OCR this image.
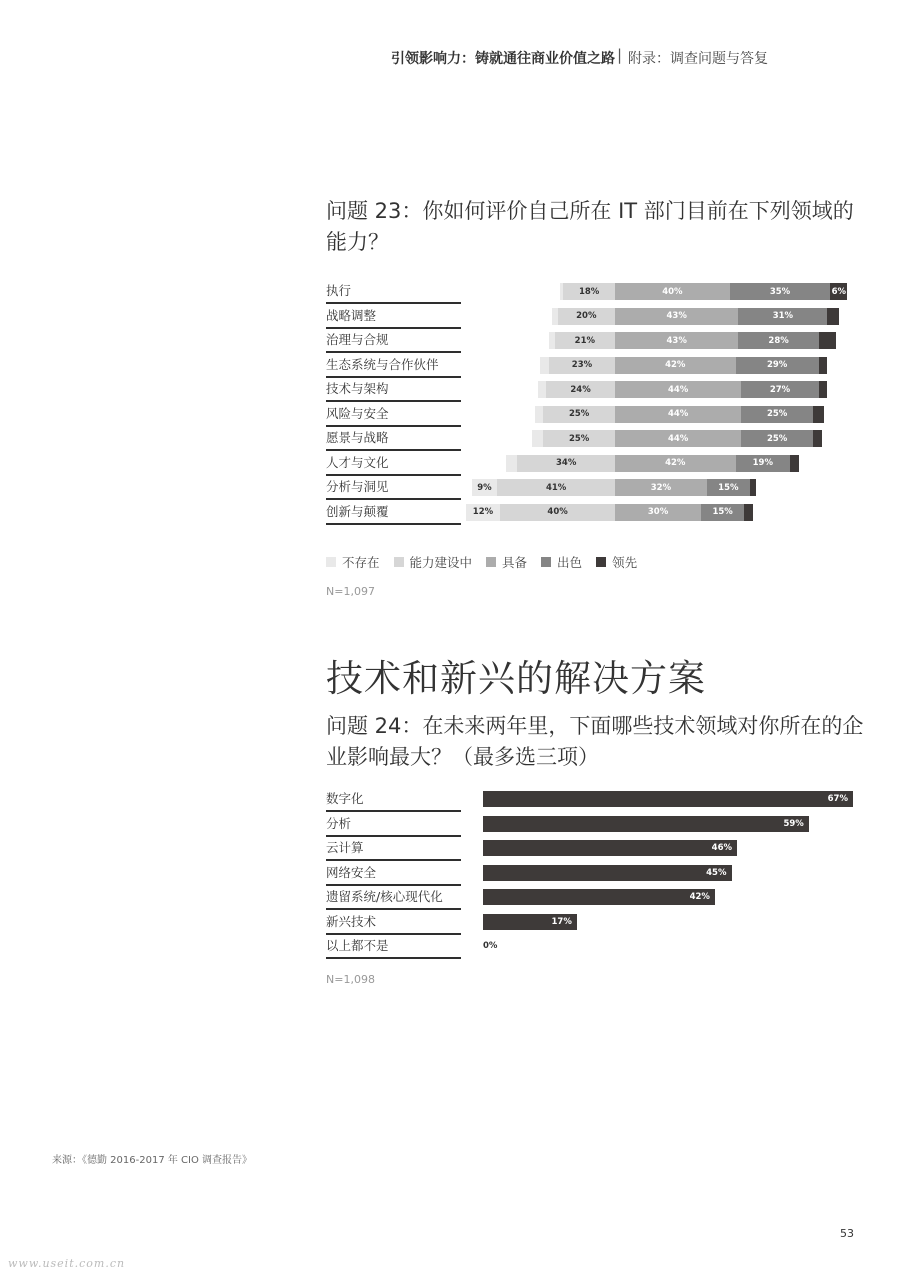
引领影响力：铸就通往商业价值之路 | 附录：调查问题与答复
问题 23：你如何评价自己所在 IT 部门目前在下列领域的能力？
执行	18%	40%	35%	6%
战略调整	20%	43%	31%
治理与合规	21%	43%	28%
生态系统与合作伙伴	23%	42%	29%
技术与架构	24%	44%	27%
风险与安全	25%	44%	25%
愿景与战略	25%	44%	25%
人才与文化	34%	42%	19%
分析与洞见	9%	41%	32%	15%
创新与颠覆	12%	40%	30%	15%
不存在 能力建设中 具备 出色 领先
N=1,097
技术和新兴的解决方案
问题 24：在未来两年里，下面哪些技术领域对你所在的企业影响最大？（最多选三项）
数字化	67%
分析	59%
云计算	46%
网络安全	45%
遗留系统/核心现代化	42%
新兴技术	17%
以上都不是	0%
N=1,098
来源：《德勤 2016-2017 年 CIO 调查报告》
53
www.useit.com.cn
